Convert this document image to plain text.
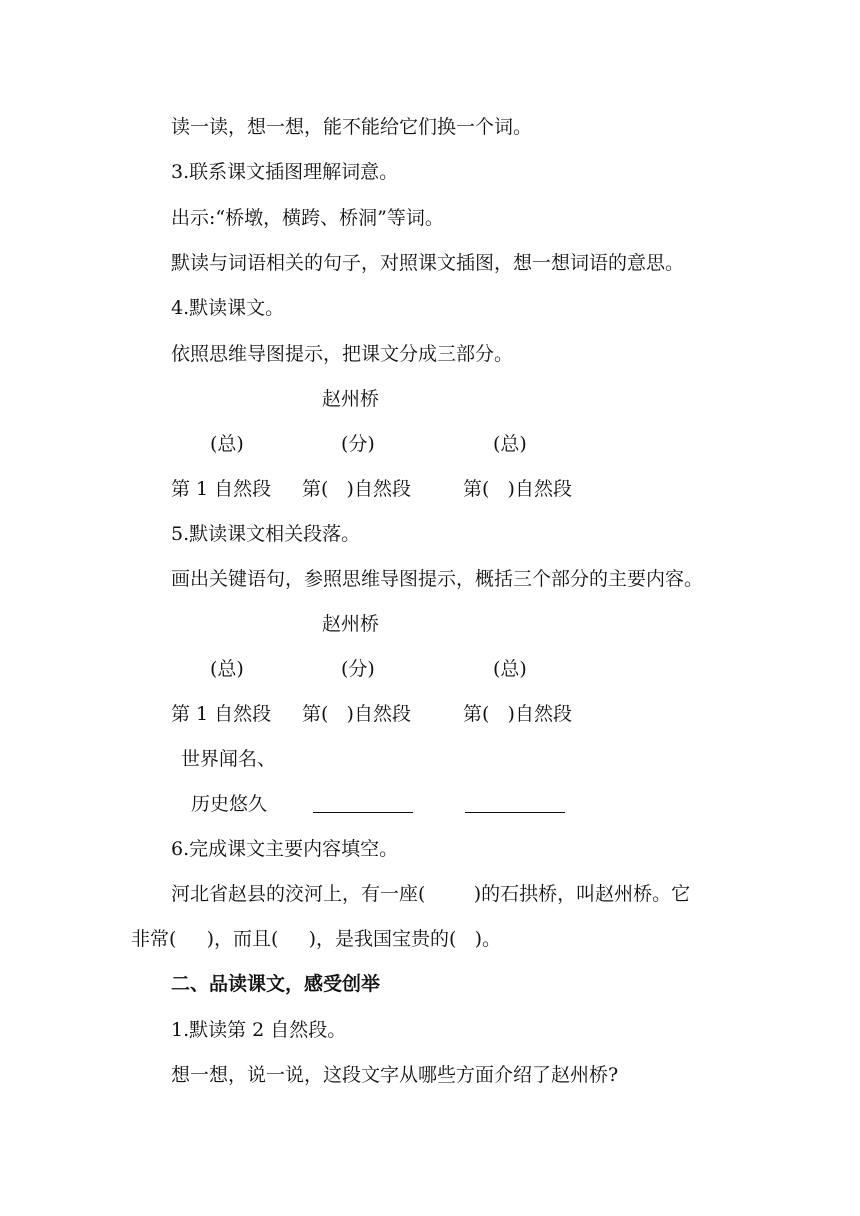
读一读，想一想，能不能给它们换一个词。
3.联系课文插图理解词意。
出示:“桥墩，横跨、桥洞”等词。
默读与词语相关的句子，对照课文插图，想一想词语的意思。
4.默读课文。
依照思维导图提示，把课文分成三部分。
赵州桥
(总)	(分)	(总)
第 1 自然段 第(   )自然段	第(   )自然段
5.默读课文相关段落。
画出关键语句，参照思维导图提示，概括三个部分的主要内容。
赵州桥
(总)	(分)	(总)
第 1 自然段 第(   )自然段	第(   )自然段
世界闻名、
历史悠久
6.完成课文主要内容填空。
河北省赵县的洨河上，有一座(        )的石拱桥，叫赵州桥。它
非常(     )，而且(     )，是我国宝贵的(   )。
二、品读课文，感受创举
1.默读第 2 自然段。
想一想，说一说，这段文字从哪些方面介绍了赵州桥?
